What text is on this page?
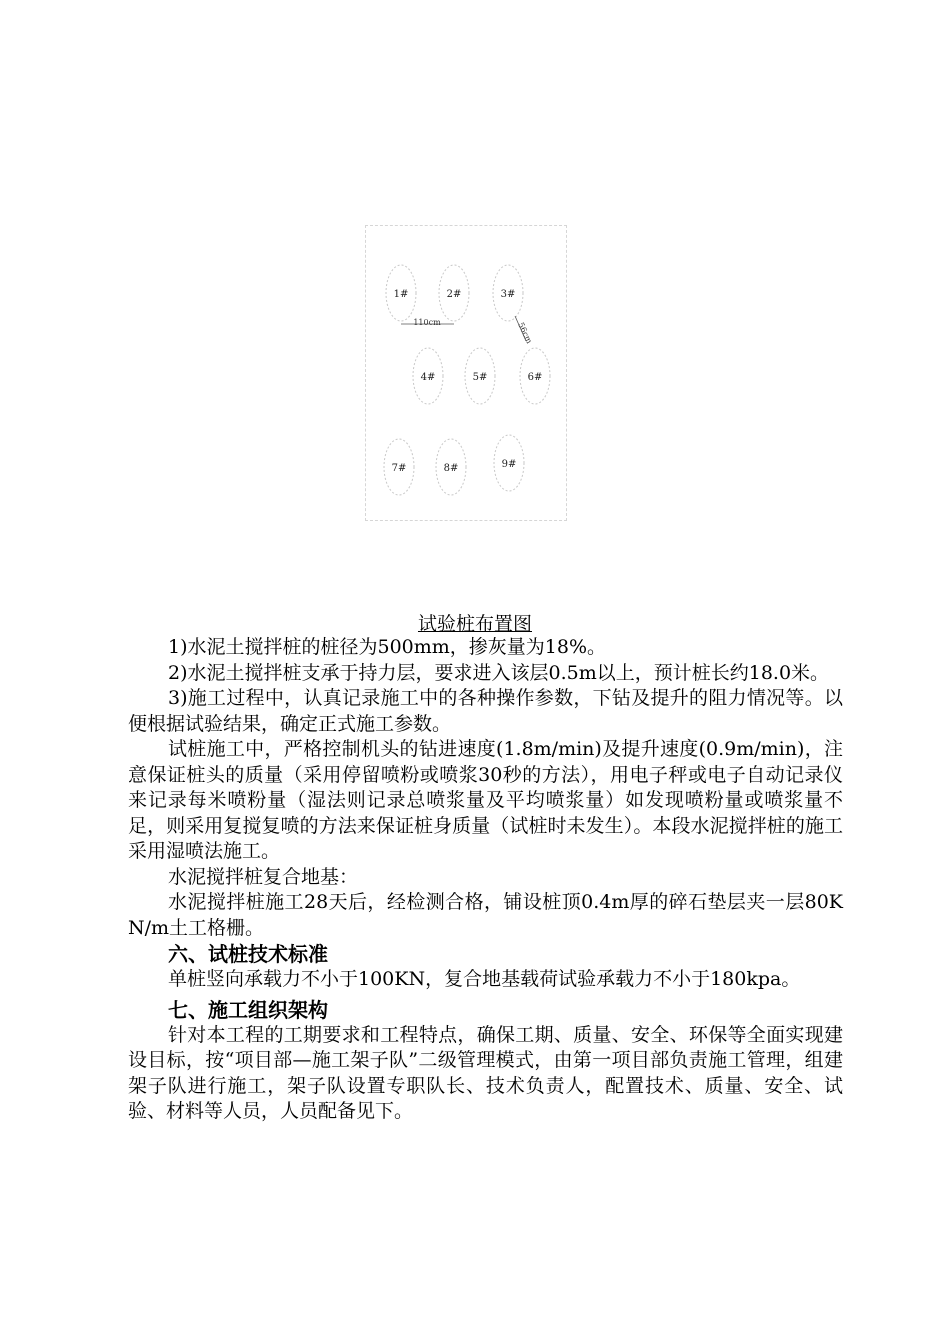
1#	2#	3#
4#	5#	6#
7#	8#	9#
110cm	56cm
试验桩布置图

1)水泥土搅拌桩的桩径为500mm，掺灰量为18%。

2)水泥土搅拌桩支承于持力层，要求进入该层0.5m以上，预计桩长约18.0米。

3)施工过程中，认真记录施工中的各种操作参数，下钻及提升的阻力情况等。以便根据试验结果，确定正式施工参数。

试桩施工中，严格控制机头的钻进速度(1.8m/min)及提升速度(0.9m/min)，注意保证桩头的质量（采用停留喷粉或喷浆30秒的方法），用电子秤或电子自动记录仪来记录每米喷粉量（湿法则记录总喷浆量及平均喷浆量）如发现喷粉量或喷浆量不足，则采用复搅复喷的方法来保证桩身质量（试桩时未发生）。本段水泥搅拌桩的施工采用湿喷法施工。

水泥搅拌桩复合地基：

水泥搅拌桩施工28天后，经检测合格，铺设桩顶0.4m厚的碎石垫层夹一层80KN/m土工格栅。

六、试桩技术标准

单桩竖向承载力不小于100KN，复合地基载荷试验承载力不小于180kpa。

七、施工组织架构

针对本工程的工期要求和工程特点，确保工期、质量、安全、环保等全面实现建设目标，按“项目部—施工架子队”二级管理模式，由第一项目部负责施工管理，组建架子队进行施工，架子队设置专职队长、技术负责人，配置技术、质量、安全、试验、材料等人员，人员配备见下。
